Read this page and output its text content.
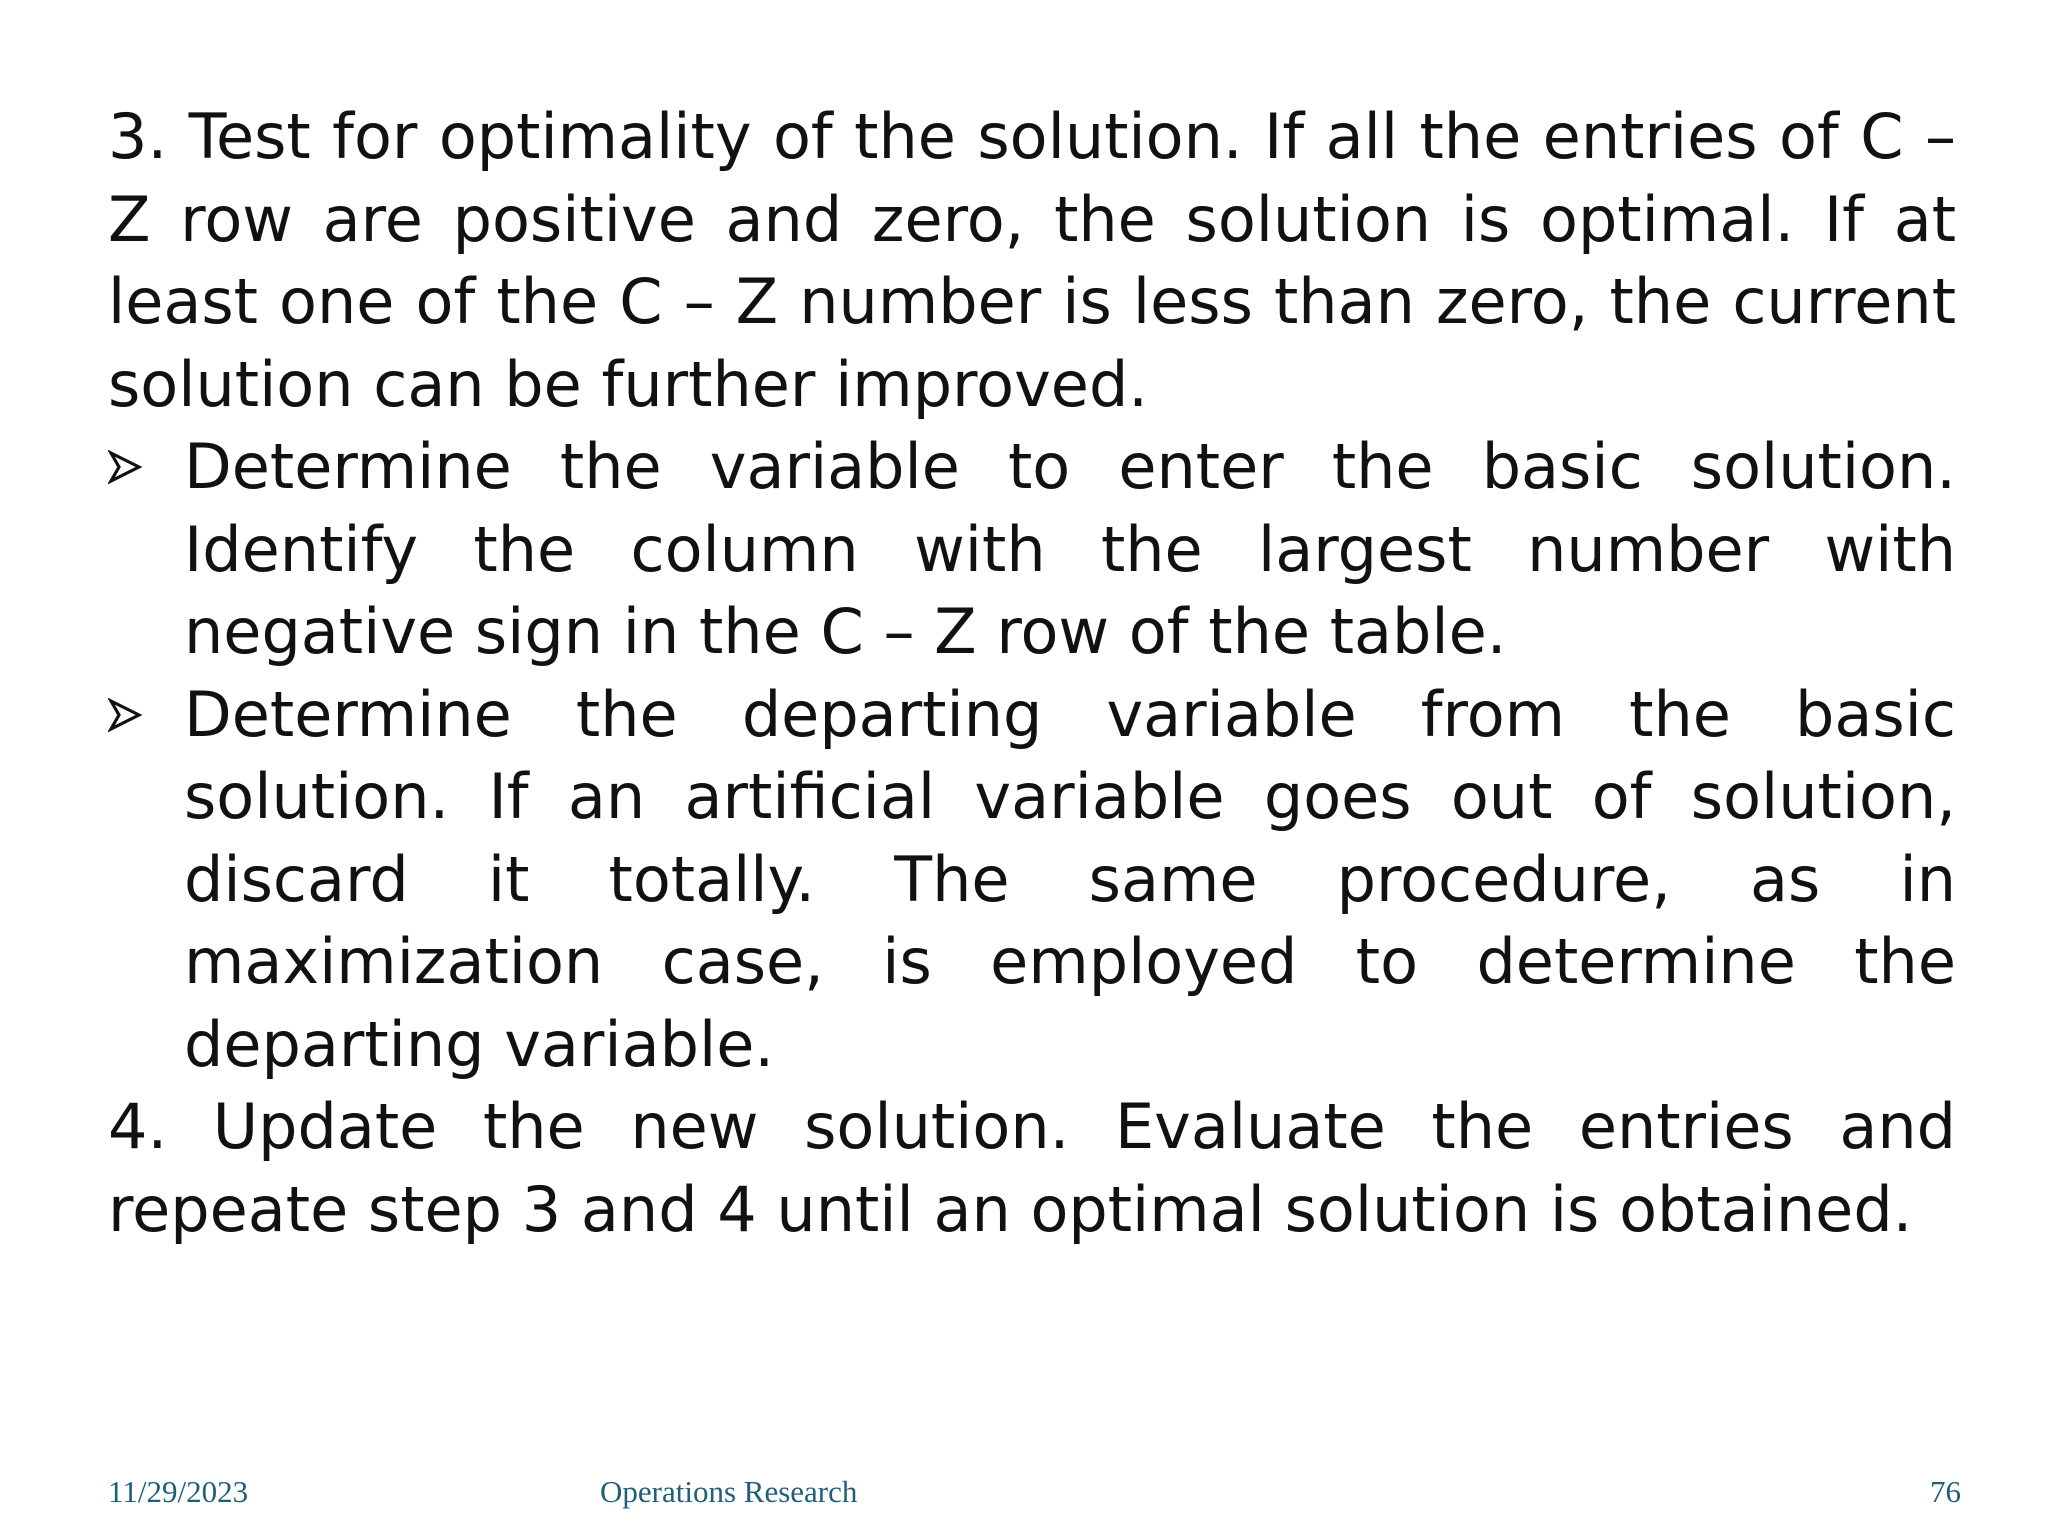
3. Test for optimality of the solution. If all the entries of C – Z row are positive and zero, the solution is optimal. If at least one of the C – Z number is less than zero, the current solution can be further improved.

Determine the variable to enter the basic solution. Identify the column with the largest number with negative sign in the C – Z row of the table.

Determine the departing variable from the basic solution. If an artificial variable goes out of solution, discard it totally. The same procedure, as in maximization case, is employed to determine the departing variable.

4. Update the new solution. Evaluate the entries and repeate step 3 and 4 until an optimal solution is obtained.

11/29/2023	Operations Research	76
